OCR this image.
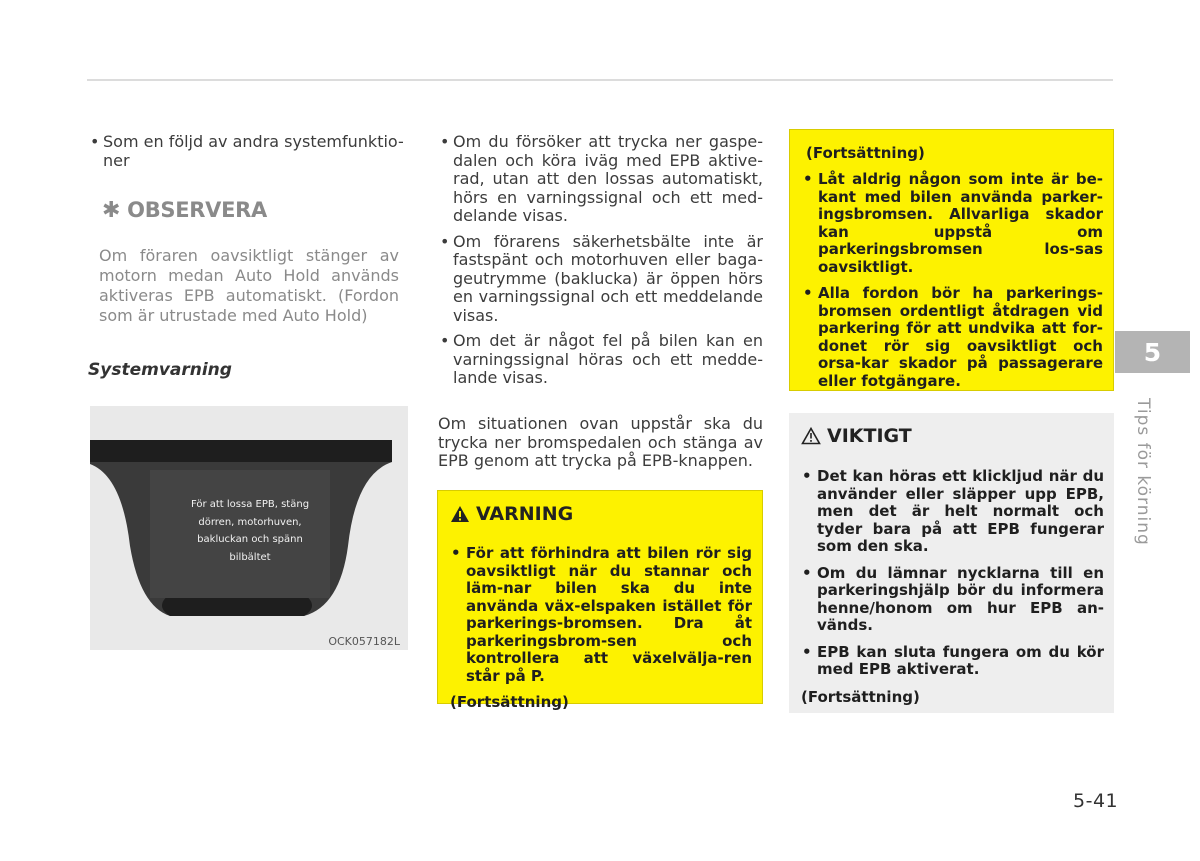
• Som en följd av andra systemfunktio-ner
✱ OBSERVERA
Om föraren oavsiktligt stänger av motorn medan Auto Hold används aktiveras EPB automatiskt. (Fordon som är utrustade med Auto Hold)
Systemvarning
För att lossa EPB, stäng dörren, motorhuven, bakluckan och spänn bilbältet
OCK057182L
• Om du försöker att trycka ner gaspe-dalen och köra iväg med EPB aktive-rad, utan att den lossas automatiskt, hörs en varningssignal och ett med-delande visas.
• Om förarens säkerhetsbälte inte är fastspänt och motorhuven eller baga-geutrymme (baklucka) är öppen hörs en varningssignal och ett meddelande visas.
• Om det är något fel på bilen kan en varningssignal höras och ett medde-lande visas.
Om situationen ovan uppstår ska du trycka ner bromspedalen och stänga av EPB genom att trycka på EPB-knappen.
VARNING
• För att förhindra att bilen rör sig oavsiktligt när du stannar och läm-nar bilen ska du inte använda väx-elspaken istället för parkerings-bromsen. Dra åt parkeringsbrom-sen och kontrollera att växelvälja-ren står på P.
(Fortsättning)
(Fortsättning)
• Låt aldrig någon som inte är be-kant med bilen använda parker-ingsbromsen. Allvarliga skador kan uppstå om parkeringsbromsen los-sas oavsiktligt.
• Alla fordon bör ha parkerings-bromsen ordentligt åtdragen vid parkering för att undvika att for-donet rör sig oavsiktligt och orsa-kar skador på passagerare eller fotgängare.
VIKTIGT
• Det kan höras ett klickljud när du använder eller släpper upp EPB, men det är helt normalt och tyder bara på att EPB fungerar som den ska.
• Om du lämnar nycklarna till en parkeringshjälp bör du informera henne/honom om hur EPB an-vänds.
• EPB kan sluta fungera om du kör med EPB aktiverat.
(Fortsättning)
5
Tips för körning
5-41
